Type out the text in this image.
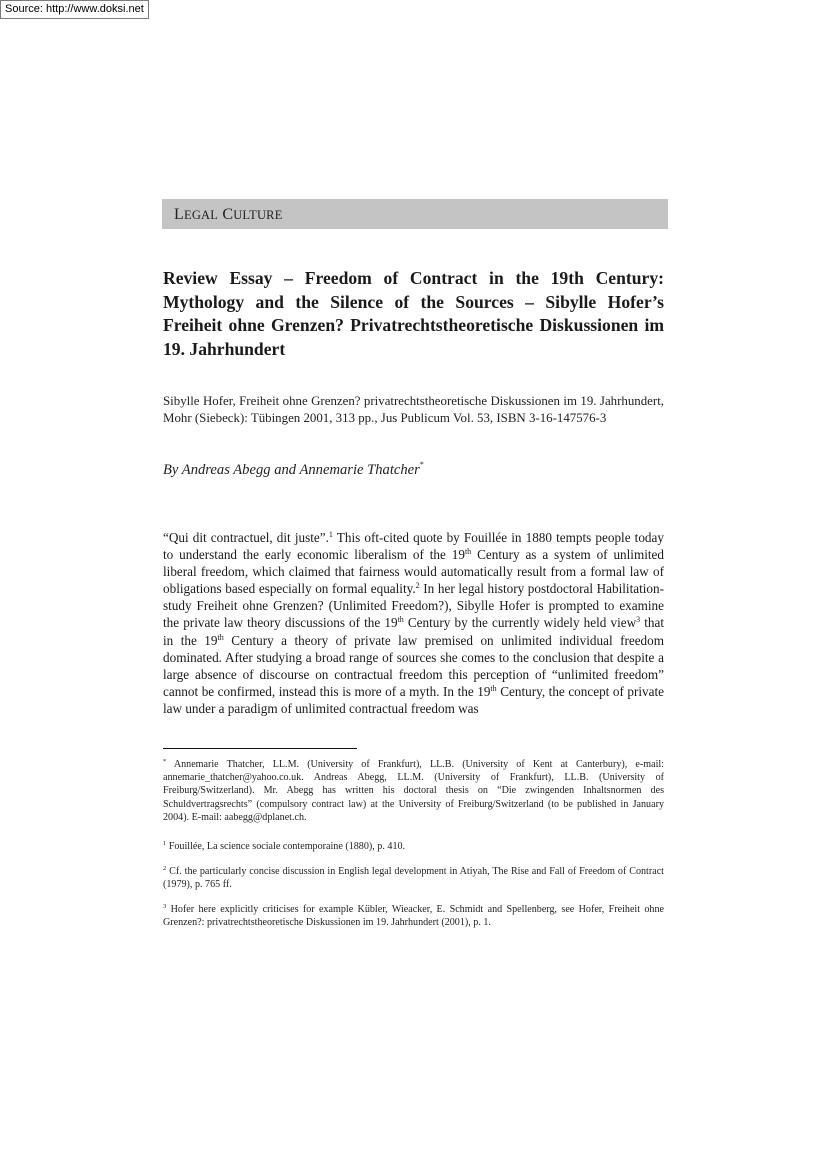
Source: http://www.doksi.net
LEGAL CULTURE
Review Essay – Freedom of Contract in the 19th Century: Mythology and the Silence of the Sources – Sibylle Hofer’s Freiheit ohne Grenzen? Privatrechtstheoretische Diskussionen im 19. Jahrhundert

Sibylle Hofer, Freiheit ohne Grenzen? privatrechtstheoretische Diskussionen im 19. Jahrhundert, Mohr (Siebeck): Tübingen 2001, 313 pp., Jus Publicum Vol. 53, ISBN 3-16-147576-3

By Andreas Abegg and Annemarie Thatcher*

“Qui dit contractuel, dit juste”.$^1$ This oft-cited quote by Fouillée in 1880 tempts people today to understand the early economic liberalism of the 19th Century as a system of unlimited liberal freedom, which claimed that fairness would automatically result from a formal law of obligations based especially on formal equality.$^2$ In her legal history postdoctoral Habilitation-study Freiheit ohne Grenzen? (Unlimited Freedom?), Sibylle Hofer is prompted to examine the private law theory discussions of the 19th Century by the currently widely held view$^3$ that in the 19th Century a theory of private law premised on unlimited individual freedom dominated. After studying a broad range of sources she comes to the conclusion that despite a large absence of discourse on contractual freedom this perception of “unlimited freedom” cannot be confirmed, instead this is more of a myth. In the 19th Century, the concept of private law under a paradigm of unlimited contractual freedom was

* Annemarie Thatcher, LL.M. (University of Frankfurt), LL.B. (University of Kent at Canterbury), e-mail: annemarie_thatcher@yahoo.co.uk. Andreas Abegg, LL.M. (University of Frankfurt), LL.B. (University of Freiburg/Switzerland). Mr. Abegg has written his doctoral thesis on “Die zwingenden Inhaltsnormen des Schuldvertragsrechts” (compulsory contract law) at the University of Freiburg/Switzerland (to be published in January 2004). E-mail: aabegg@dplanet.ch.

$^1$ Fouillée, La science sociale contemporaine (1880), p. 410.

$^2$ Cf. the particularly concise discussion in English legal development in Atiyah, The Rise and Fall of Freedom of Contract (1979), p. 765 ff.

$^3$ Hofer here explicitly criticises for example Kübler, Wieacker, E. Schmidt and Spellenberg, see Hofer, Freiheit ohne Grenzen?: privatrechtstheoretische Diskussionen im 19. Jahrhundert (2001), p. 1.
